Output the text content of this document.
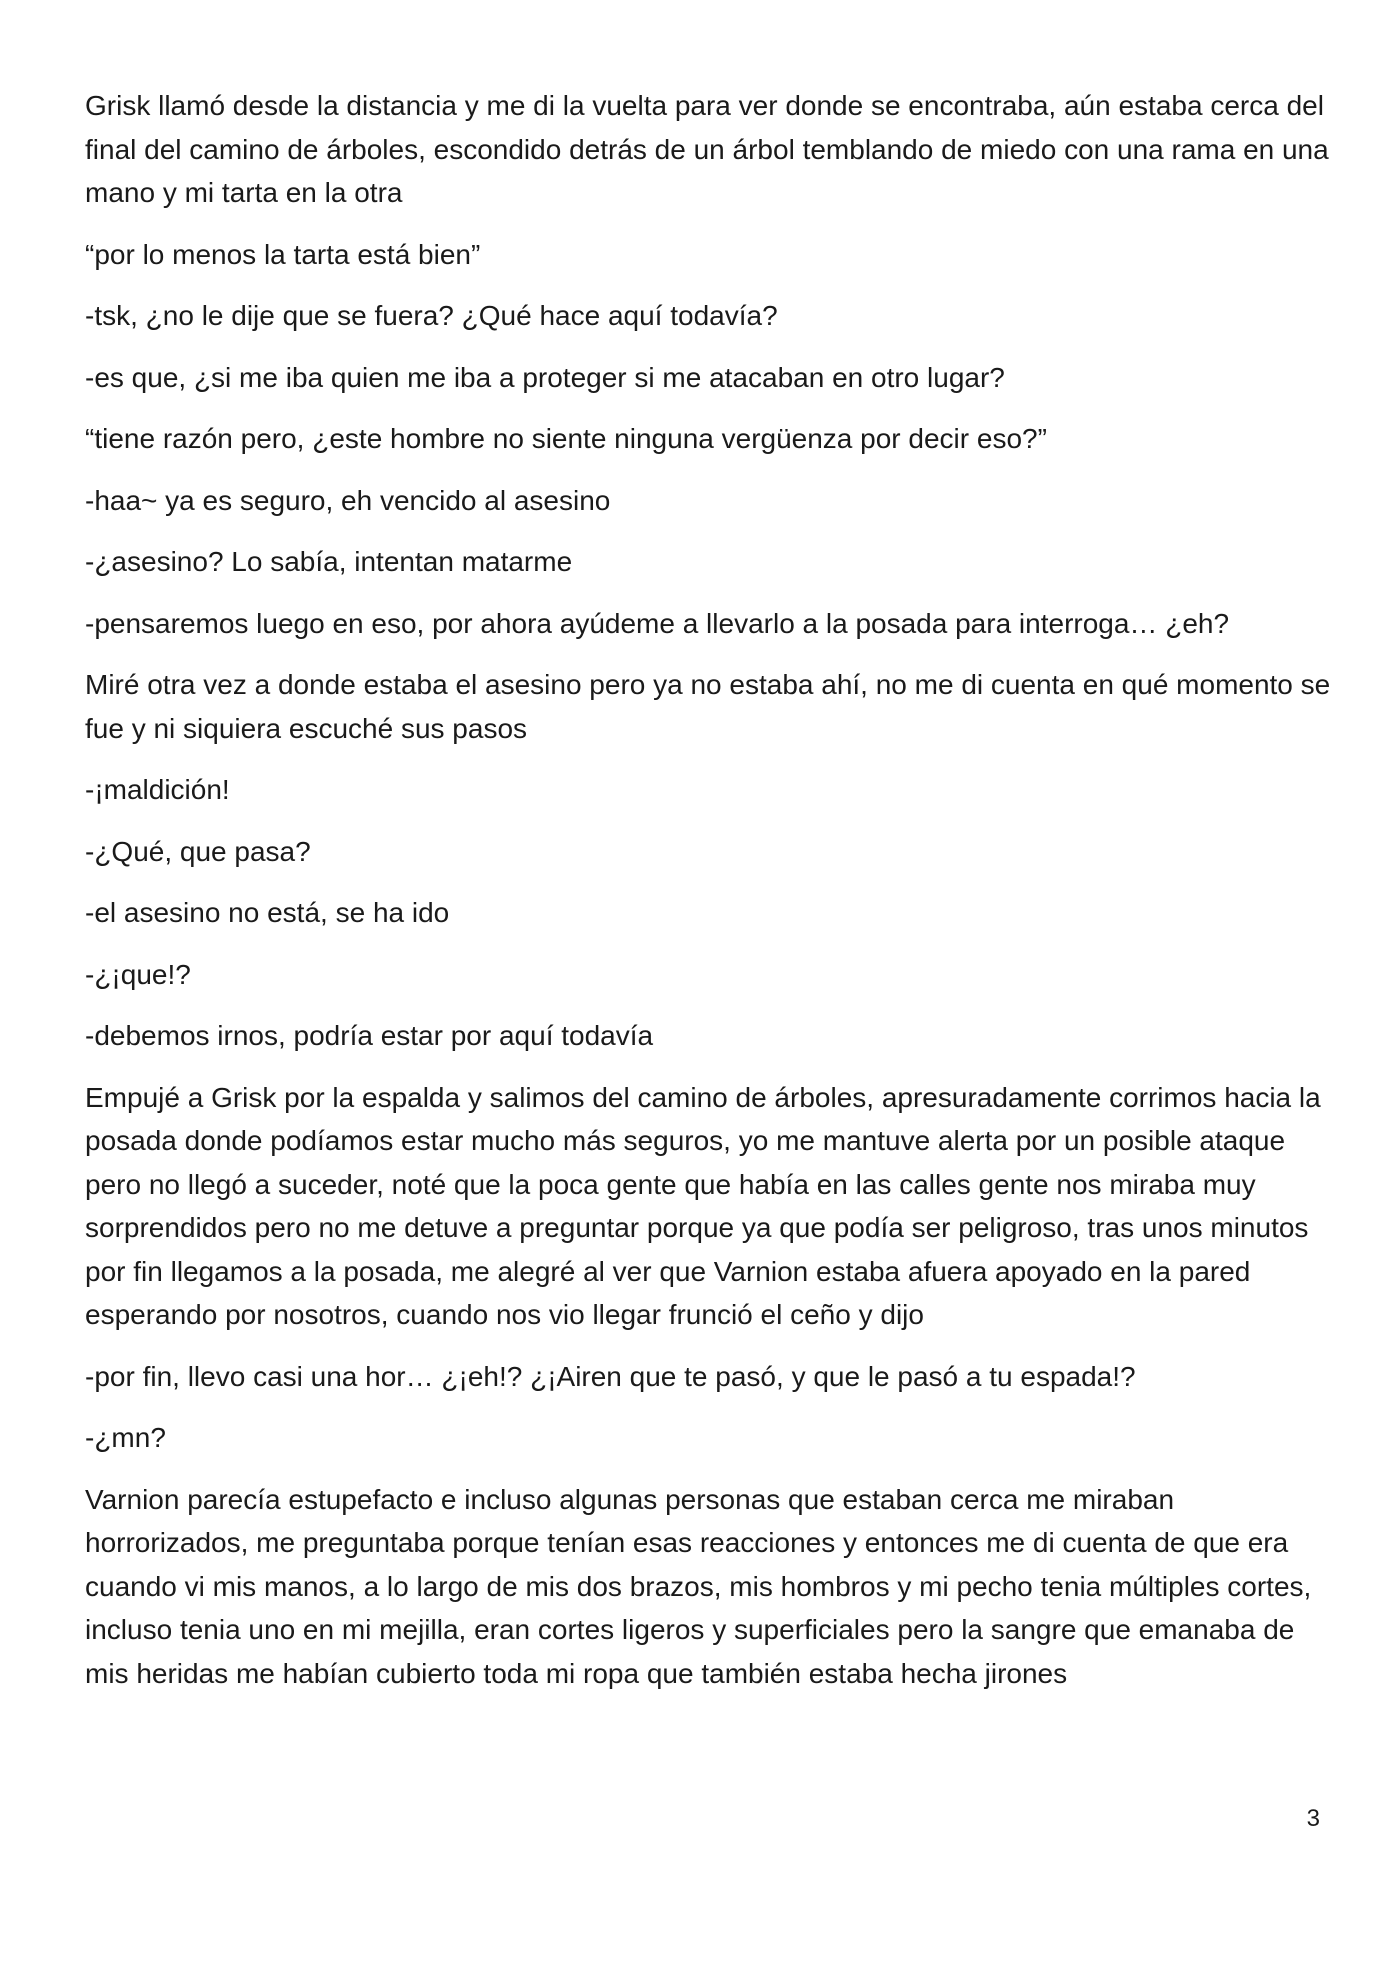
Grisk llamó desde la distancia y me di la vuelta para ver donde se encontraba, aún estaba cerca del final del camino de árboles, escondido detrás de un árbol temblando de miedo con una rama en una mano y mi tarta en la otra

“por lo menos la tarta está bien”

-tsk, ¿no le dije que se fuera? ¿Qué hace aquí todavía?

-es que, ¿si me iba quien me iba a proteger si me atacaban en otro lugar?

“tiene razón pero, ¿este hombre no siente ninguna vergüenza por decir eso?”

-haa~ ya es seguro, eh vencido al asesino

-¿asesino? Lo sabía, intentan matarme

-pensaremos luego en eso, por ahora ayúdeme a llevarlo a la posada para interroga… ¿eh?

Miré otra vez a donde estaba el asesino pero ya no estaba ahí, no me di cuenta en qué momento se fue y ni siquiera escuché sus pasos

-¡maldición!

-¿Qué, que pasa?

-el asesino no está, se ha ido

-¿¡que!?

-debemos irnos, podría estar por aquí todavía

Empujé a Grisk por la espalda y salimos del camino de árboles, apresuradamente corrimos hacia la posada donde podíamos estar mucho más seguros, yo me mantuve alerta por un posible ataque pero no llegó a suceder, noté que la poca gente que había en las calles gente nos miraba muy sorprendidos pero no me detuve a preguntar porque ya que podía ser peligroso, tras unos minutos por fin llegamos a la posada, me alegré al ver que Varnion estaba afuera apoyado en la pared esperando por nosotros, cuando nos vio llegar frunció el ceño y dijo

-por fin, llevo casi una hor… ¿¡eh!? ¿¡Airen que te pasó, y que le pasó a tu espada!?

-¿mn?

Varnion parecía estupefacto e incluso algunas personas que estaban cerca me miraban horrorizados, me preguntaba porque tenían esas reacciones y entonces me di cuenta de que era cuando vi mis manos, a lo largo de mis dos brazos, mis hombros y mi pecho tenia múltiples cortes, incluso tenia uno en mi mejilla, eran cortes ligeros y superficiales pero la sangre que emanaba de mis heridas me habían cubierto toda mi ropa que también estaba hecha jirones

3
